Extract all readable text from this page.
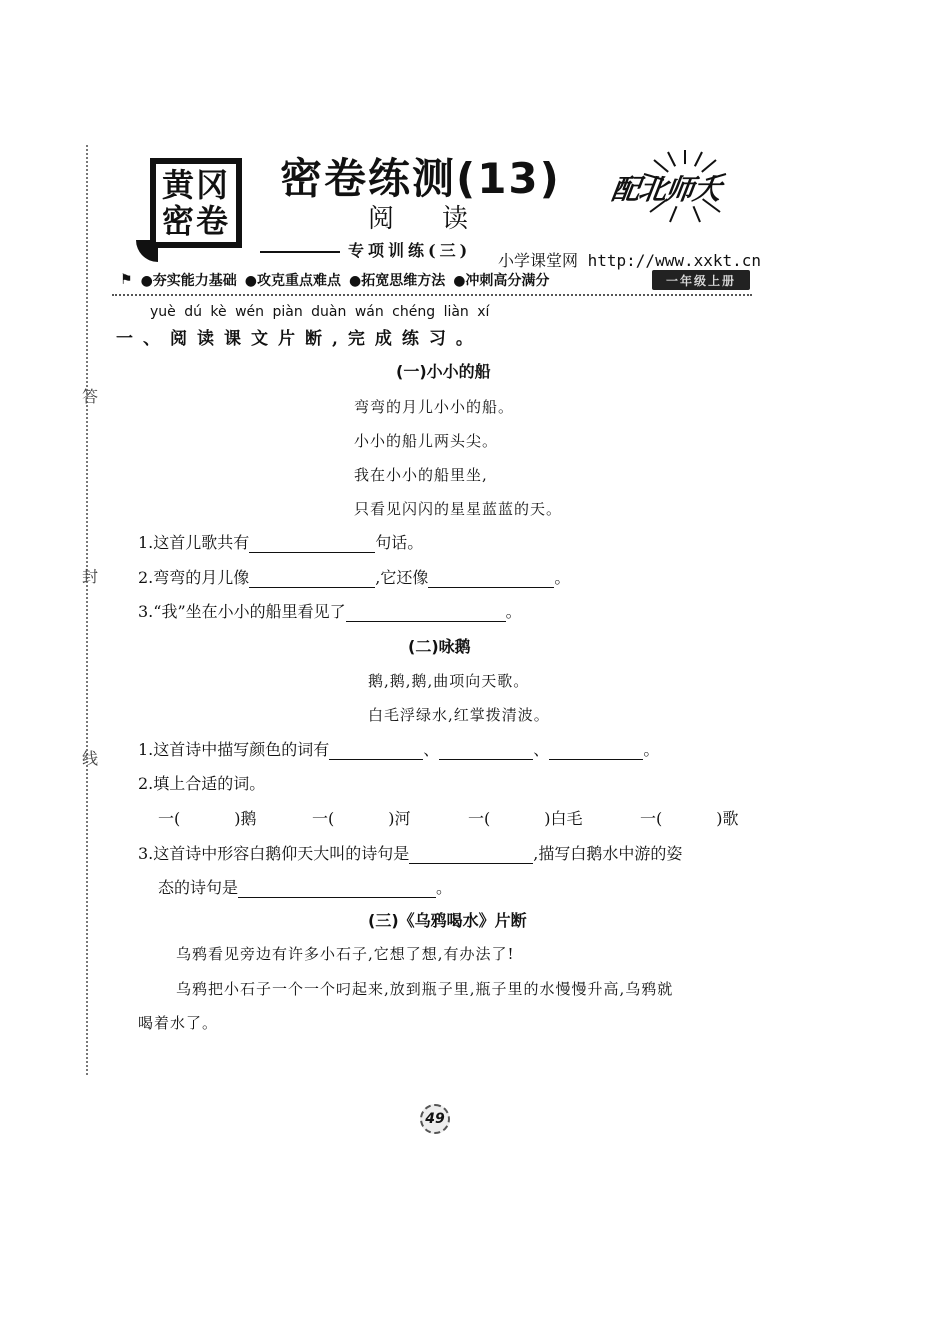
答
封
线
黄冈
密卷
密卷练测(13)
阅读
专项训练(三)
小学课堂网 http://www.xxkt.cn
配北师大
⚑ ●夯实能力基础 ●攻克重点难点 ●拓宽思维方法 ●冲刺高分满分	一年级上册
yuè dú kè wén piàn duàn wán chéng liàn xí
一、阅读课文片断,完成练习。
(一)小小的船
弯弯的月儿小小的船。
小小的船儿两头尖。
我在小小的船里坐,
只看见闪闪的星星蓝蓝的天。
1.这首儿歌共有	句话。
2.弯弯的月儿像	,它还像	。
3.“我”坐在小小的船里看见了	。
(二)咏鹅
鹅,鹅,鹅,曲项向天歌。
白毛浮绿水,红掌拨清波。
1.这首诗中描写颜色的词有	、	、	。
2.填上合适的词。
一(	)鹅	一(	)河	一(	)白毛	一(	)歌
3.这首诗中形容白鹅仰天大叫的诗句是	,描写白鹅水中游的姿
态的诗句是	。
(三)《乌鸦喝水》片断
乌鸦看见旁边有许多小石子,它想了想,有办法了!
乌鸦把小石子一个一个叼起来,放到瓶子里,瓶子里的水慢慢升高,乌鸦就
喝着水了。
49
